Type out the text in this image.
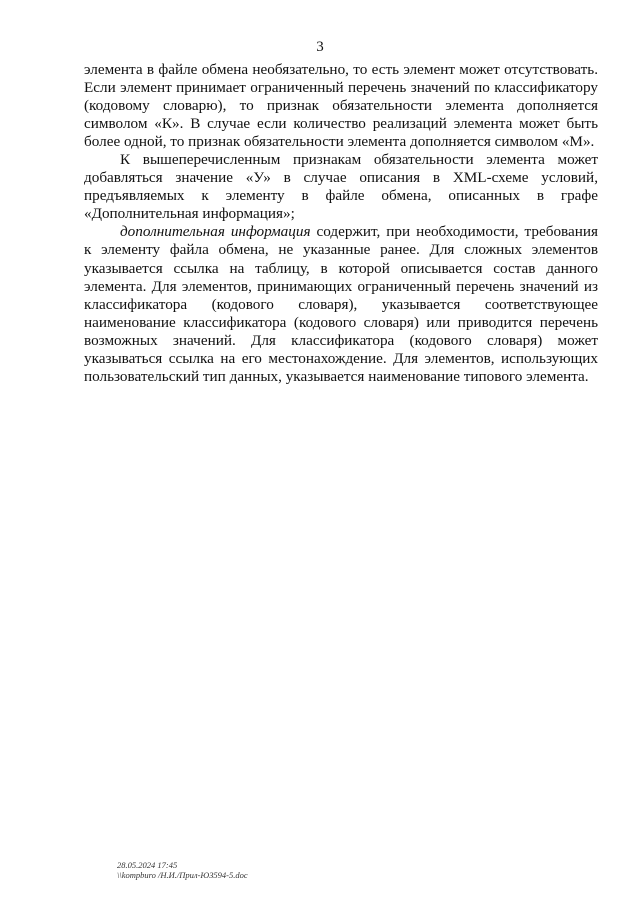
3

элемента в файле обмена необязательно, то есть элемент может отсутствовать. Если элемент принимает ограниченный перечень значений по классификатору (кодовому словарю), то признак обязательности элемента дополняется символом «К». В случае если количество реализаций элемента может быть более одной, то признак обязательности элемента дополняется символом «М».

К вышеперечисленным признакам обязательности элемента может добавляться значение «У» в случае описания в XML-схеме условий, предъявляемых к элементу в файле обмена, описанных в графе «Дополнительная информация»;

дополнительная информация содержит, при необходимости, требования к элементу файла обмена, не указанные ранее. Для сложных элементов указывается ссылка на таблицу, в которой описывается состав данного элемента. Для элементов, принимающих ограниченный перечень значений из классификатора (кодового словаря), указывается соответствующее наименование классификатора (кодового словаря) или приводится перечень возможных значений. Для классификатора (кодового словаря) может указываться ссылка на его местонахождение. Для элементов, использующих пользовательский тип данных, указывается наименование типового элемента.

28.05.2024 17:45
\\kompburo /Н.И./Прил-ЮЗ594-5.doc
